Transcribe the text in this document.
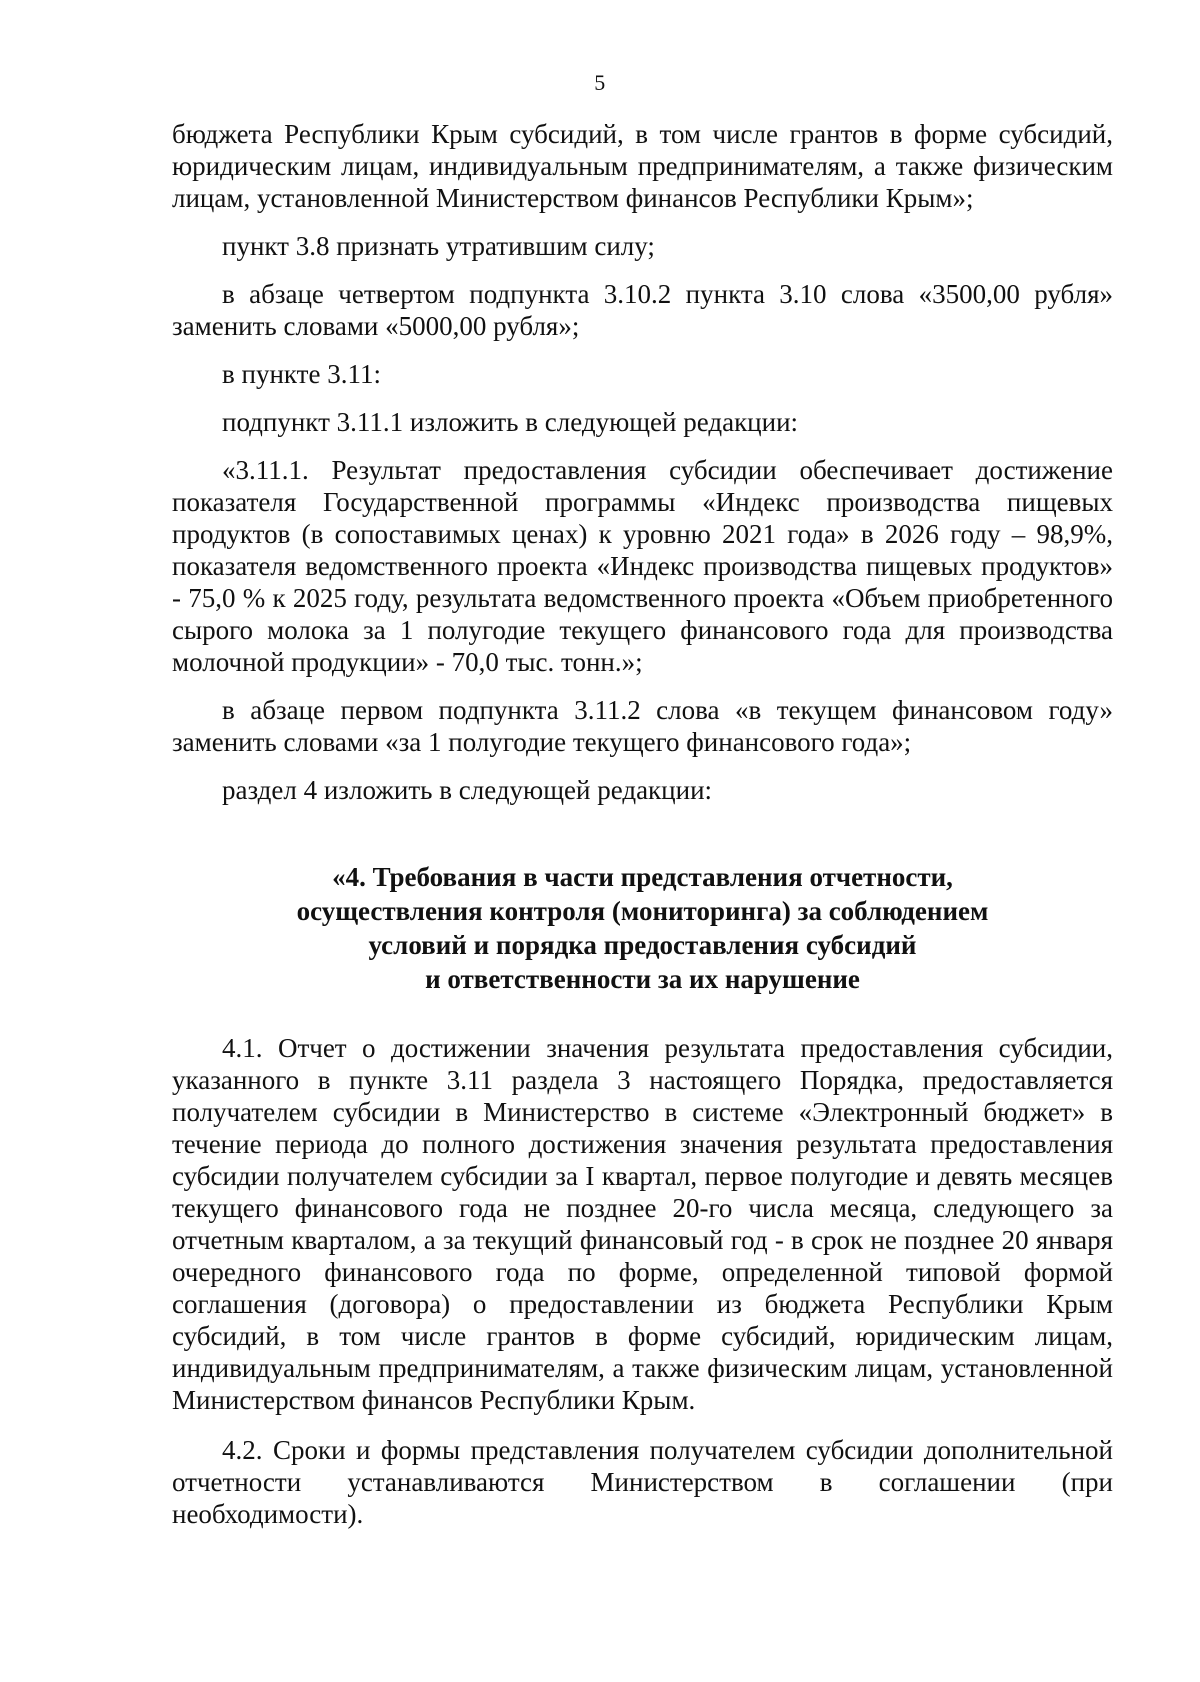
5

бюджета Республики Крым субсидий, в том числе грантов в форме субсидий, юридическим лицам, индивидуальным предпринимателям, а также физическим лицам, установленной Министерством финансов Республики Крым»;

пункт 3.8 признать утратившим силу;

в абзаце четвертом подпункта 3.10.2 пункта 3.10 слова «3500,00 рубля» заменить словами «5000,00 рубля»;

в пункте 3.11:

подпункт 3.11.1 изложить в следующей редакции:

«3.11.1. Результат предоставления субсидии обеспечивает достижение показателя Государственной программы «Индекс производства пищевых продуктов (в сопоставимых ценах) к уровню 2021 года» в 2026 году – 98,9%, показателя ведомственного проекта «Индекс производства пищевых продуктов» - 75,0 % к 2025 году, результата ведомственного проекта «Объем приобретенного сырого молока за 1 полугодие текущего финансового года для производства молочной продукции» - 70,0 тыс. тонн.»;

в абзаце первом подпункта 3.11.2 слова «в текущем финансовом году» заменить словами «за 1 полугодие текущего финансового года»;

раздел 4 изложить в следующей редакции:

«4. Требования в части представления отчетности,
осуществления контроля (мониторинга) за соблюдением
условий и порядка предоставления субсидий
и ответственности за их нарушение

4.1. Отчет о достижении значения результата предоставления субсидии, указанного в пункте 3.11 раздела 3 настоящего Порядка, предоставляется получателем субсидии в Министерство в системе «Электронный бюджет» в течение периода до полного достижения значения результата предоставления субсидии получателем субсидии за I квартал, первое полугодие и девять месяцев текущего финансового года не позднее 20-го числа месяца, следующего за отчетным кварталом, а за текущий финансовый год - в срок не позднее 20 января очередного финансового года по форме, определенной типовой формой соглашения (договора) о предоставлении из бюджета Республики Крым субсидий, в том числе грантов в форме субсидий, юридическим лицам, индивидуальным предпринимателям, а также физическим лицам, установленной Министерством финансов Республики Крым.

4.2. Сроки и формы представления получателем субсидии дополнительной отчетности устанавливаются Министерством в соглашении (при необходимости).
